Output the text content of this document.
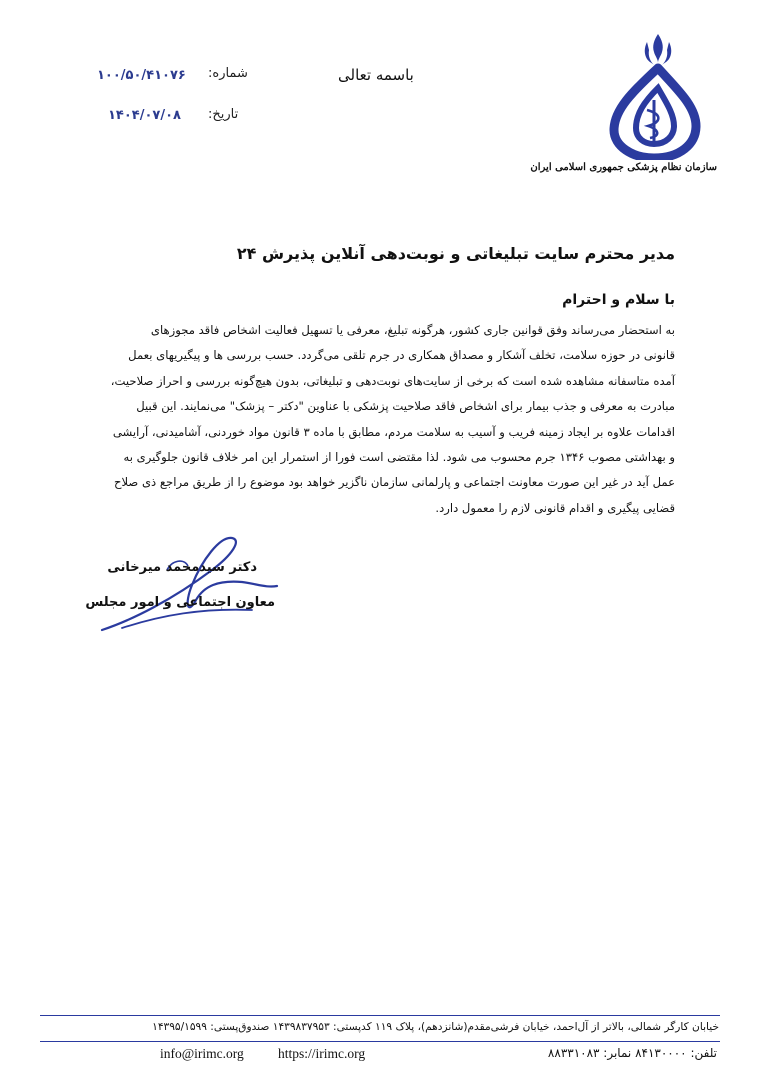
باسمه تعالی
شماره:
۱۰۰/۵۰/۴۱۰۷۶
تاریخ:
۱۴۰۴/۰۷/۰۸
سازمان نظام پزشکی جمهوری اسلامی ایران
مدیر محترم سایت تبلیغاتی و نوبت‌دهی آنلاین پذیرش ۲۴
با سلام و احترام
به استحضار می‌رساند وفق قوانین جاری کشور، هرگونه تبلیغ، معرفی یا تسهیل فعالیت اشخاص فاقد مجوزهای
قانونی در حوزه سلامت، تخلف آشکار و مصداق همکاری در جرم تلقی می‌گردد. حسب بررسی ها و پیگیریهای بعمل
آمده متاسفانه مشاهده شده است که برخی از سایت‌های نوبت‌دهی و تبلیغاتی، بدون هیچ‌گونه بررسی و احراز صلاحیت،
مبادرت به معرفی و جذب بیمار برای اشخاص فاقد صلاحیت پزشکی با عناوین "دکتر – پزشک" می‌نمایند. این قبیل
اقدامات علاوه بر ایجاد زمینه فریب و آسیب به سلامت مردم، مطابق با ماده ۳ قانون مواد خوردنی، آشامیدنی، آرایشی
و بهداشتی مصوب ۱۳۴۶ جرم محسوب می شود. لذا مقتضی است فورا از استمرار این امر خلاف قانون جلوگیری به
عمل آید در غیر این صورت معاونت اجتماعی و پارلمانی سازمان ناگزیر خواهد بود موضوع را از طریق مراجع ذی صلاح
قضایی پیگیری و اقدام قانونی لازم را معمول دارد.
دکتر سیدمحمد میرخانی
معاون اجتماعی و امور مجلس
خیابان کارگر شمالی، بالاتر از آل‌احمد، خیابان فرشی‌مقدم(شانزدهم)، پلاک ۱۱۹ کدپستی: ۱۴۳۹۸۳۷۹۵۳ صندوق‌پستی: ۱۴۳۹۵/۱۵۹۹
تلفن: ۸۴۱۳۰۰۰۰ نمابر: ۸۸۳۳۱۰۸۳
https://irimc.org
info@irimc.org
